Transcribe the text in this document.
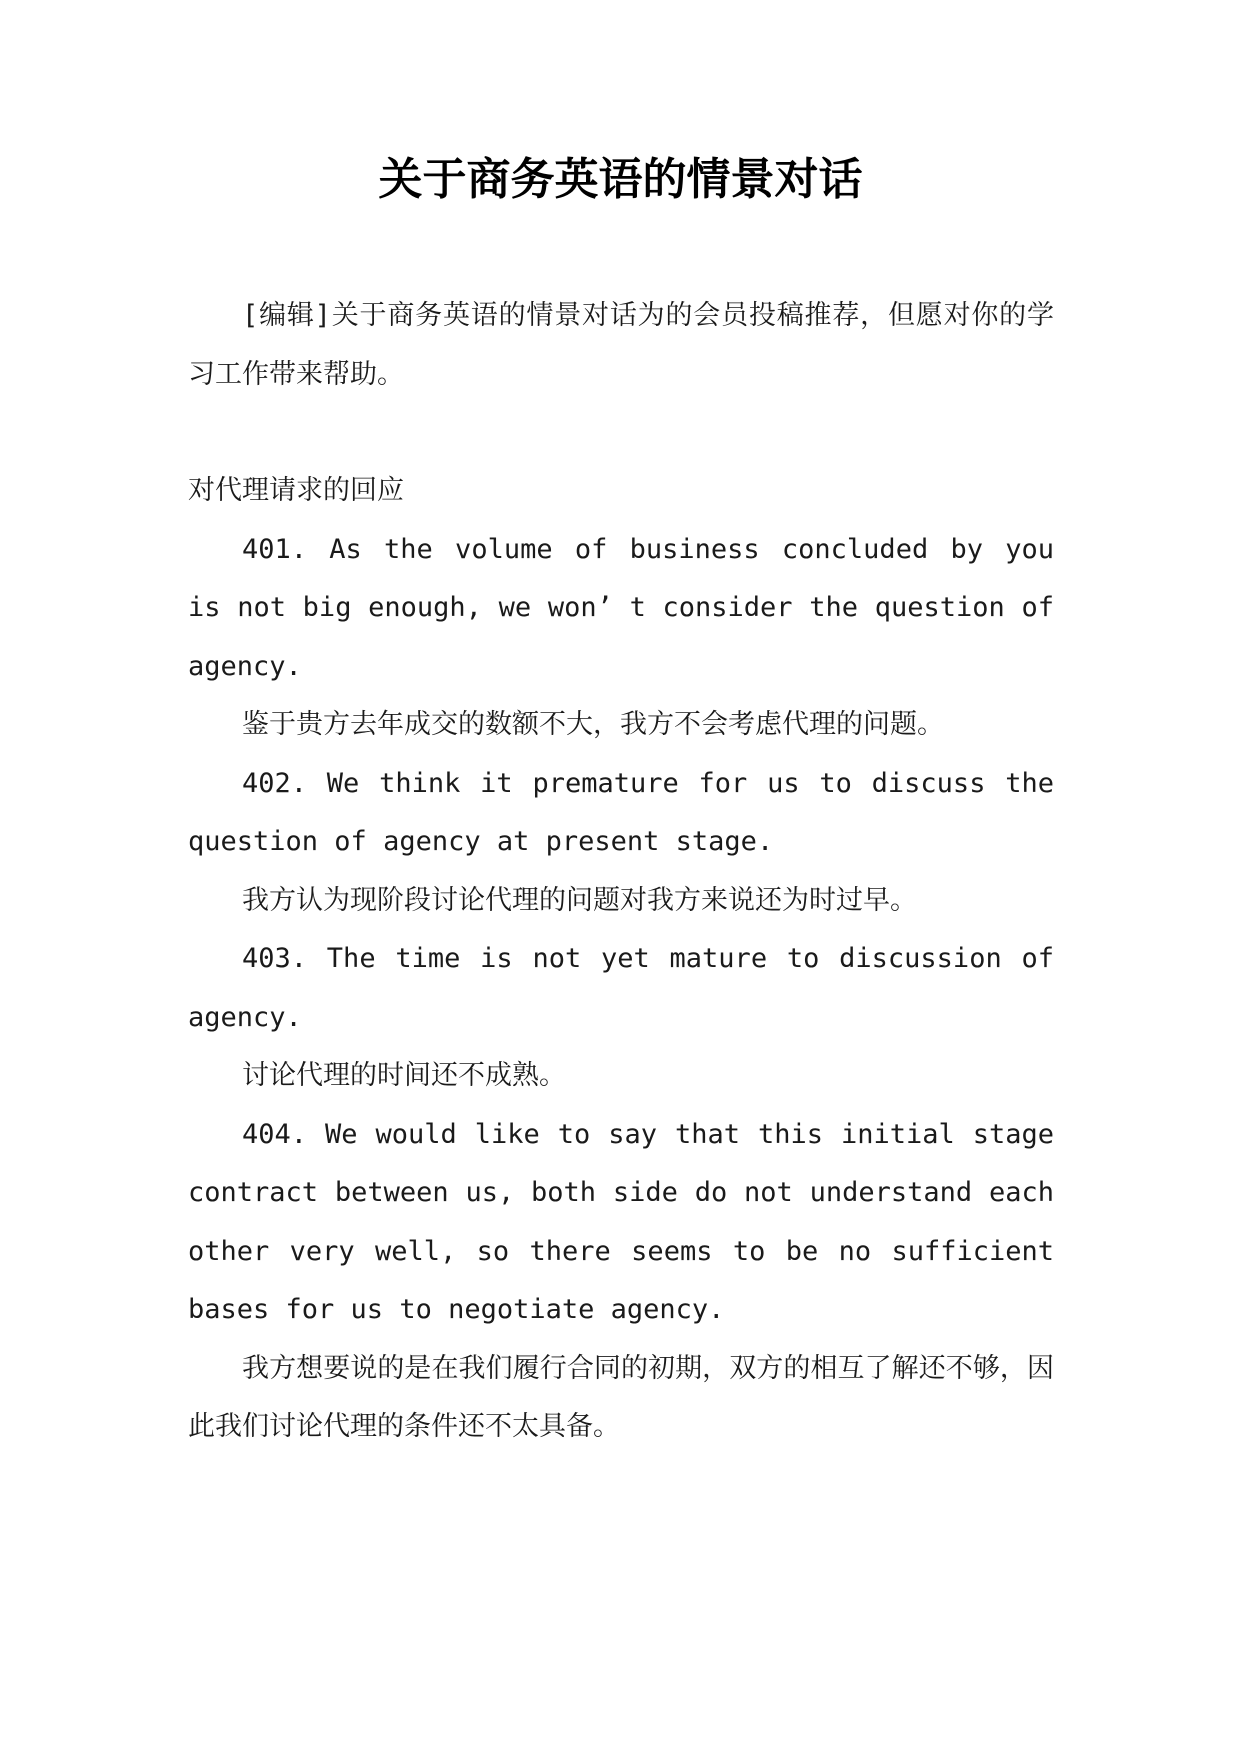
关于商务英语的情景对话

[编辑]关于商务英语的情景对话为的会员投稿推荐，但愿对你的学习工作带来帮助。

对代理请求的回应

401. As the volume of business concluded by you is not big enough, we won’ t consider the question of agency.

鉴于贵方去年成交的数额不大，我方不会考虑代理的问题。

402. We think it premature for us to discuss the question of agency at present stage.

我方认为现阶段讨论代理的问题对我方来说还为时过早。

403. The time is not yet mature to discussion of agency.

讨论代理的时间还不成熟。

404. We would like to say that this initial stage contract between us, both side do not understand each other very well, so there seems to be no sufficient bases for us to negotiate agency.

我方想要说的是在我们履行合同的初期，双方的相互了解还不够，因此我们讨论代理的条件还不太具备。
